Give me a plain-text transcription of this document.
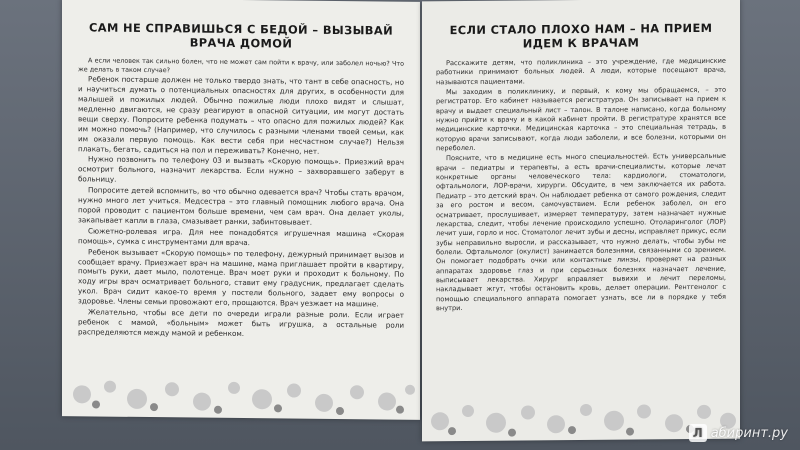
САМ НЕ СПРАВИШЬСЯ С БЕДОЙ – ВЫЗЫВАЙ ВРАЧА ДОМОЙ

А если человек так сильно болен, что не может сам пойти к врачу, или заболел ночью? Что же делать в таком случае?

Ребенок постарше должен не только твердо знать, что тант в себе опасность, но и научиться думать о потенциальных опасностях для других, в особенности для малышей и пожилых людей. Обычно пожилые люди плохо видят и слышат, медленно двигаются, не сразу реагируют в опасной ситуации, им могут достать вещи сверху. Попросите ребенка подумать – что опасно для пожилых людей? Как им можно помочь? (Например, что случилось с разными членами твоей семьи, как им оказали первую помощь. Как вести себя при несчастном случае?) Нельзя плакать, бегать, садиться на пол и переживать? Конечно, нет.

Нужно позвонить по телефону 03 и вызвать «Скорую помощь». Приезжий врач осмотрит больного, назначит лекарства. Если нужно – захворавшего заберут в больницу.

Попросите детей вспомнить, во что обычно одевается врач? Чтобы стать врачом, нужно много лет учиться. Медсестра – это главный помощник любого врача. Она порой проводит с пациентом больше времени, чем сам врач. Она делает уколы, закапывает капли в глаза, смазывает ранки, забинтовывает.

Сюжетно-ролевая игра. Для нее понадобятся игрушечная машина «Скорая помощь», сумка с инструментами для врача.

Ребенок вызывает «Скорую помощь» по телефону, дежурный принимает вызов и сообщает врачу. Приезжает врач на машине, мама приглашает пройти в квартиру, помыть руки, дает мыло, полотенце. Врач моет руки и проходит к больному. По ходу игры врач осматривает больного, ставит ему градусник, предлагает сделать укол. Врач сидит какое-то время у постели больного, задает ему вопросы о здоровье. Члены семьи провожают его, прощаются. Врач уезжает на машине.

Желательно, чтобы все дети по очереди играли разные роли. Если играет ребенок с мамой, «больным» может быть игрушка, а остальные роли распределяются между мамой и ребенком.

ЕСЛИ СТАЛО ПЛОХО НАМ – НА ПРИЕМ ИДЕМ К ВРАЧАМ

Расскажите детям, что поликлиника – это учреждение, где медицинские работники принимают больных людей. А люди, которые посещают врача, называются пациентами.

Мы заходим в поликлинику, и первый, к кому мы обращаемся, – это регистратор. Его кабинет называется регистратура. Он записывает на прием к врачу и выдает специальный лист – талон. В талоне написано, когда больному нужно прийти к врачу и в какой кабинет пройти. В регистратуре хранятся все медицинские карточки. Медицинская карточка – это специальная тетрадь, в которую врачи записывают, когда люди заболели, и все болезни, которыми он переболел.

Поясните, что в медицине есть много специальностей. Есть универсальные врачи – педиатры и терапевты, а есть врачи-специалисты, которые лечат конкретные органы человеческого тела: кардиологи, стоматологи, офтальмологи, ЛОР-врачи, хирурги. Обсудите, в чем заключается их работа. Педиатр – это детский врач. Он наблюдает ребенка от самого рождения, следит за его ростом и весом, самочувствием. Если ребенок заболел, он его осматривает, прослушивает, измеряет температуру, затем назначает нужные лекарства, следит, чтобы лечение происходило успешно. Отоларинголог (ЛОР) лечит уши, горло и нос. Стоматолог лечит зубы и десны, исправляет прикус, если зубы неправильно выросли, и рассказывает, что нужно делать, чтобы зубы не болели. Офтальмолог (окулист) занимается болезнями, связанными со зрением. Он помогает подобрать очки или контактные линзы, проверяет на разных аппаратах здоровье глаз и при серьезных болезнях назначает лечение, выписывает лекарства. Хирург вправляет вывихи и лечит переломы, накладывает жгут, чтобы остановить кровь, делает операции. Рентгенолог с помощью специального аппарата помогает узнать, все ли в порядке у тебя внутри.

Л абиринт.ру
